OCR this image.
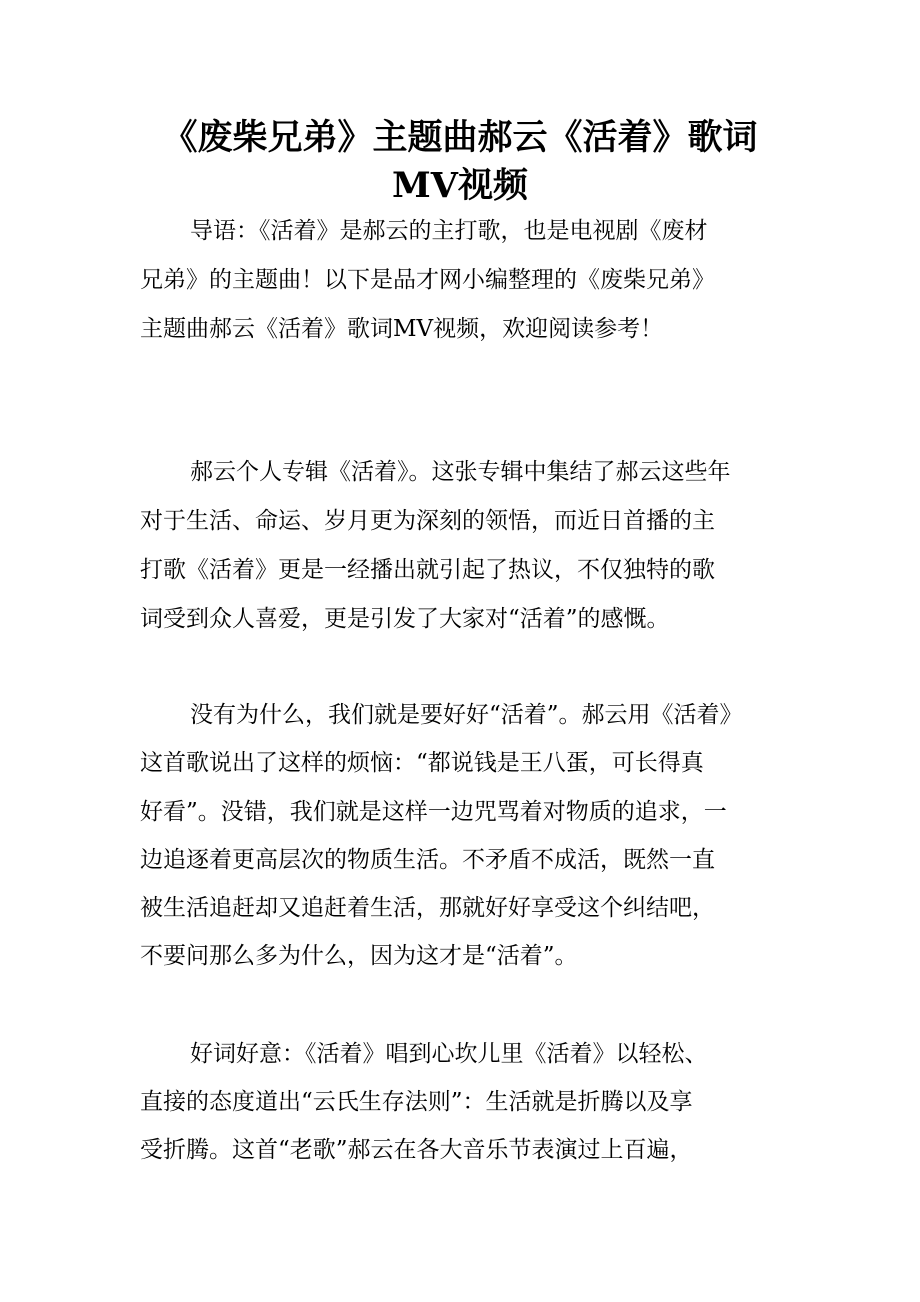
《废柴兄弟》主题曲郝云《活着》歌词
MV视频
导语：《活着》是郝云的主打歌，也是电视剧《废材
兄弟》的主题曲！以下是品才网小编整理的《废柴兄弟》
主题曲郝云《活着》歌词MV视频，欢迎阅读参考！
郝云个人专辑《活着》。这张专辑中集结了郝云这些年
对于生活、命运、岁月更为深刻的领悟，而近日首播的主
打歌《活着》更是一经播出就引起了热议，不仅独特的歌
词受到众人喜爱，更是引发了大家对“活着”的感慨。
没有为什么，我们就是要好好“活着”。郝云用《活着》
这首歌说出了这样的烦恼：“都说钱是王八蛋，可长得真
好看”。没错，我们就是这样一边咒骂着对物质的追求，一
边追逐着更高层次的物质生活。不矛盾不成活，既然一直
被生活追赶却又追赶着生活，那就好好享受这个纠结吧，
不要问那么多为什么，因为这才是“活着”。
好词好意：《活着》唱到心坎儿里《活着》以轻松、
直接的态度道出“云氏生存法则”：生活就是折腾以及享
受折腾。这首“老歌”郝云在各大音乐节表演过上百遍，
